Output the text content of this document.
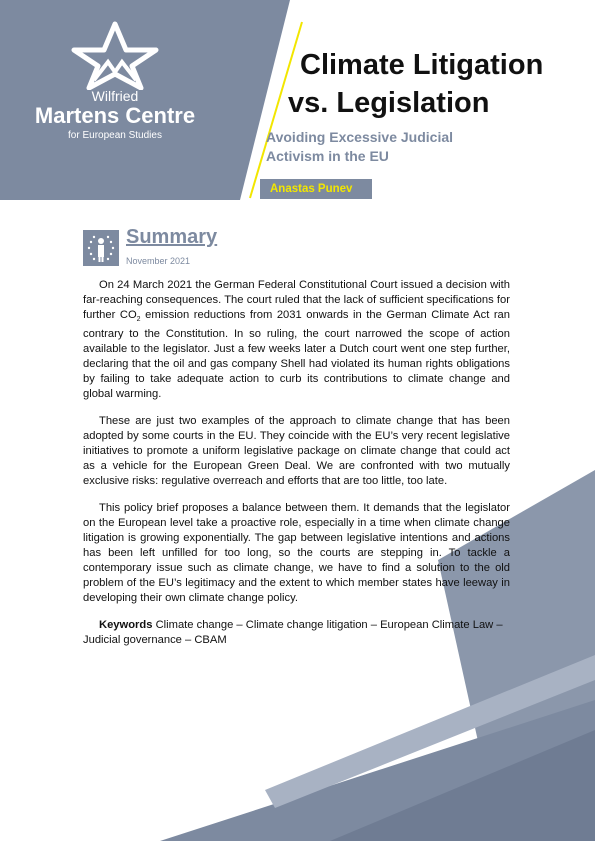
Wilfried
Martens Centre
for European Studies
Climate Litigation
vs. Legislation
Avoiding Excessive Judicial
Activism in the EU
Anastas Punev
Summary
November 2021

On 24 March 2021 the German Federal Constitutional Court issued a decision with far-reaching consequences. The court ruled that the lack of sufficient specifications for further $CO_2$ emission reductions from 2031 onwards in the German Climate Act ran contrary to the Constitution. In so ruling, the court narrowed the scope of action available to the legislator. Just a few weeks later a Dutch court went one step further, declaring that the oil and gas company Shell had violated its human rights obligations by failing to take adequate action to curb its contributions to climate change and global warming.

These are just two examples of the approach to climate change that has been adopted by some courts in the EU. They coincide with the EU’s very recent legislative initiatives to promote a uniform legislative package on climate change that could act as a vehicle for the European Green Deal. We are confronted with two mutually exclusive risks: regulative overreach and efforts that are too little, too late.

This policy brief proposes a balance between them. It demands that the legislator on the European level take a proactive role, especially in a time when climate change litigation is growing exponentially. The gap between legislative intentions and actions has been left unfilled for too long, so the courts are stepping in. To tackle a contemporary issue such as climate change, we have to find a solution to the old problem of the EU’s legitimacy and the extent to which member states have leeway in developing their own climate change policy.

Keywords Climate change – Climate change litigation – European Climate Law – Judicial governance – CBAM
